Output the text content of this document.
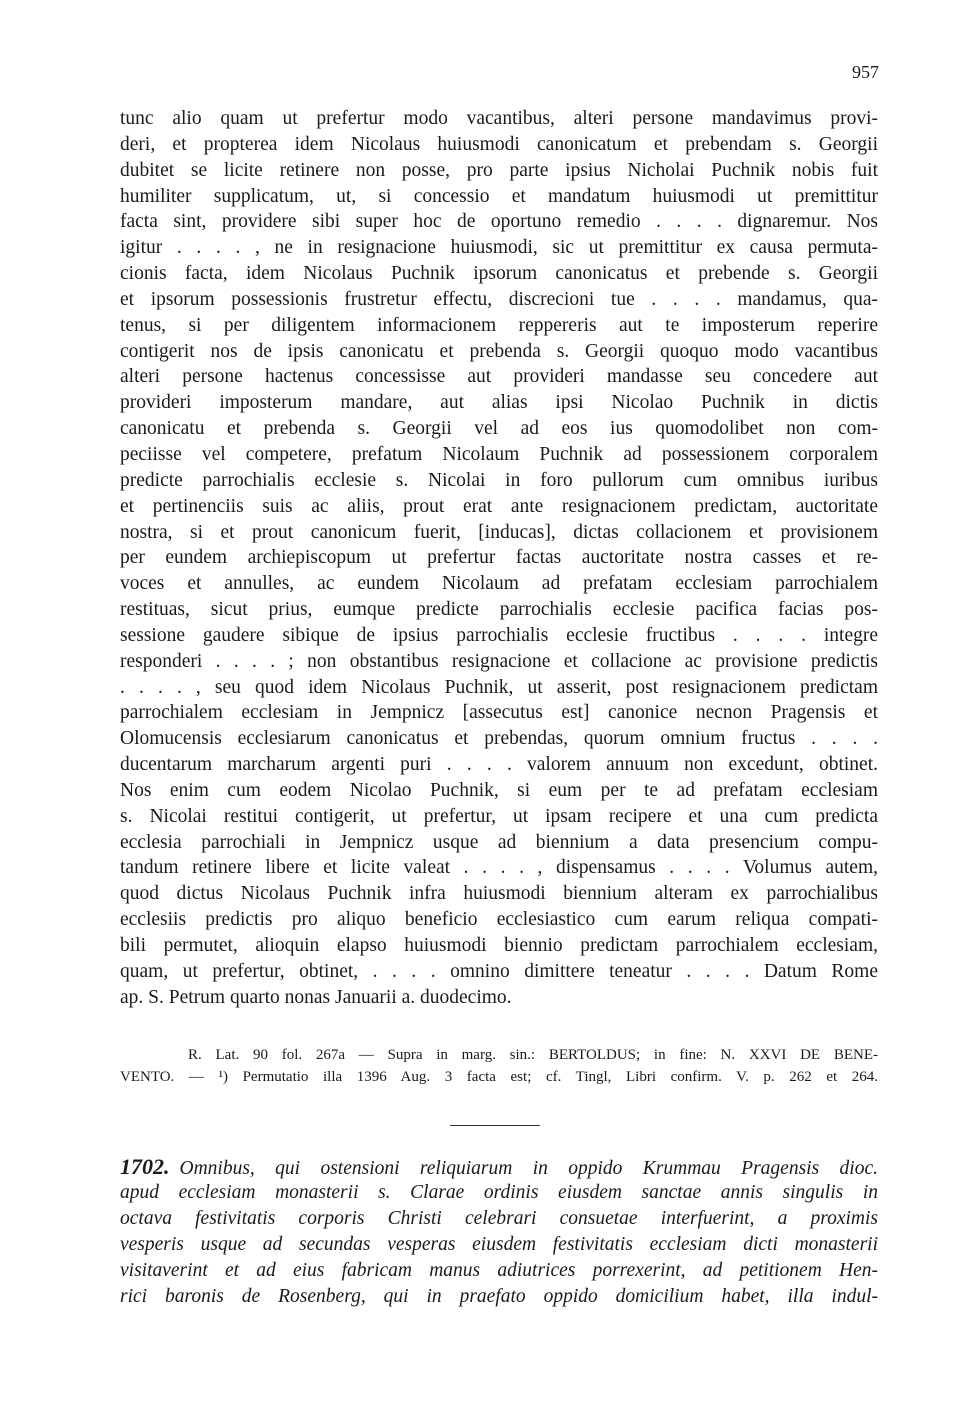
957
tunc alio quam ut prefertur modo vacantibus, alteri persone mandavimus provi-
deri, et propterea idem Nicolaus huiusmodi canonicatum et prebendam s. Georgii
dubitet se licite retinere non posse, pro parte ipsius Nicholai Puchnik nobis fuit
humiliter supplicatum, ut, si concessio et mandatum huiusmodi ut premittitur
facta sint, providere sibi super hoc de oportuno remedio . . . . dignaremur. Nos
igitur . . . . , ne in resignacione huiusmodi, sic ut premittitur ex causa permuta-
cionis facta, idem Nicolaus Puchnik ipsorum canonicatus et prebende s. Georgii
et ipsorum possessionis frustretur effectu, discrecioni tue . . . . mandamus, qua-
tenus, si per diligentem informacionem reppereris aut te imposterum reperire
contigerit nos de ipsis canonicatu et prebenda s. Georgii quoquo modo vacantibus
alteri persone hactenus concessisse aut provideri mandasse seu concedere aut
provideri imposterum mandare, aut alias ipsi Nicolao Puchnik in dictis
canonicatu et prebenda s. Georgii vel ad eos ius quomodolibet non com-
peciisse vel competere, prefatum Nicolaum Puchnik ad possessionem corporalem
predicte parrochialis ecclesie s. Nicolai in foro pullorum cum omnibus iuribus
et pertinenciis suis ac aliis, prout erat ante resignacionem predictam, auctoritate
nostra, si et prout canonicum fuerit, [inducas], dictas collacionem et provisionem
per eundem archiepiscopum ut prefertur factas auctoritate nostra casses et re-
voces et annulles, ac eundem Nicolaum ad prefatam ecclesiam parrochialem
restituas, sicut prius, eumque predicte parrochialis ecclesie pacifica facias pos-
sessione gaudere sibique de ipsius parrochialis ecclesie fructibus . . . . integre
responderi . . . . ; non obstantibus resignacione et collacione ac provisione predictis
. . . . , seu quod idem Nicolaus Puchnik, ut asserit, post resignacionem predictam
parrochialem ecclesiam in Jempnicz [assecutus est] canonice necnon Pragensis et
Olomucensis ecclesiarum canonicatus et prebendas, quorum omnium fructus . . . .
ducentarum marcharum argenti puri . . . . valorem annuum non excedunt, obtinet.
Nos enim cum eodem Nicolao Puchnik, si eum per te ad prefatam ecclesiam
s. Nicolai restitui contigerit, ut prefertur, ut ipsam recipere et una cum predicta
ecclesia parrochiali in Jempnicz usque ad biennium a data presencium compu-
tandum retinere libere et licite valeat . . . . , dispensamus . . . . Volumus autem,
quod dictus Nicolaus Puchnik infra huiusmodi biennium alteram ex parrochialibus
ecclesiis predictis pro aliquo beneficio ecclesiastico cum earum reliqua compati-
bili permutet, alioquin elapso huiusmodi biennio predictam parrochialem ecclesiam,
quam, ut prefertur, obtinet, . . . . omnino dimittere teneatur . . . . Datum Rome
ap. S. Petrum quarto nonas Januarii a. duodecimo.
R. Lat. 90 fol. 267a — Supra in marg. sin.: BERTOLDUS; in fine: N. XXVI DE BENE-
VENTO. — ¹) Permutatio illa 1396 Aug. 3 facta est; cf. Tingl, Libri confirm. V. p. 262 et 264.
1702. Omnibus, qui ostensioni reliquiarum in oppido Krummau Pragensis dioc.
apud ecclesiam monasterii s. Clarae ordinis eiusdem sanctae annis singulis in
octava festivitatis corporis Christi celebrari consuetae interfuerint, a proximis
vesperis usque ad secundas vesperas eiusdem festivitatis ecclesiam dicti monasterii
visitaverint et ad eius fabricam manus adiutrices porrexerint, ad petitionem Hen-
rici baronis de Rosenberg, qui in praefato oppido domicilium habet, illa indul-
